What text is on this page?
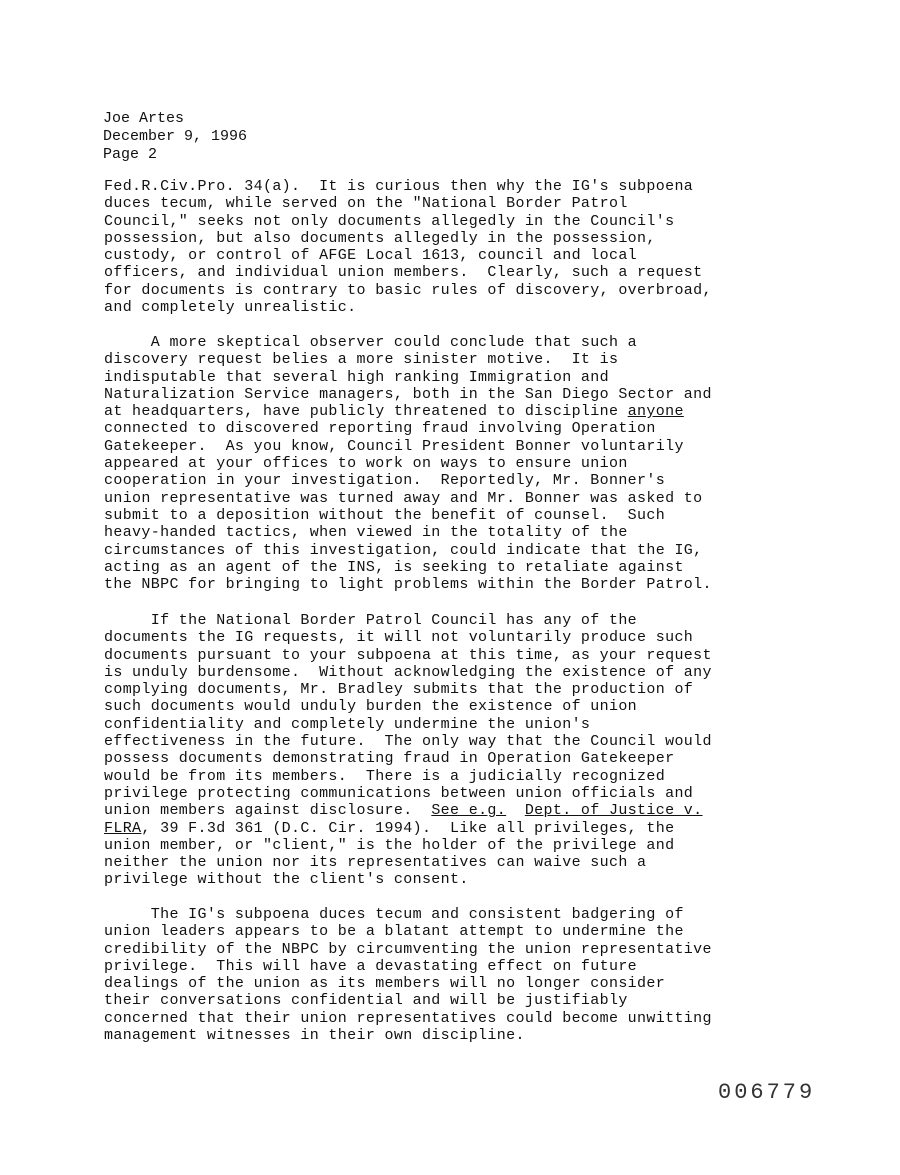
Joe Artes
December 9, 1996
Page 2
Fed.R.Civ.Pro. 34(a).  It is curious then why the IG's subpoena
duces tecum, while served on the "National Border Patrol
Council," seeks not only documents allegedly in the Council's
possession, but also documents allegedly in the possession,
custody, or control of AFGE Local 1613, council and local
officers, and individual union members.  Clearly, such a request
for documents is contrary to basic rules of discovery, overbroad,
and completely unrealistic.
A more skeptical observer could conclude that such a
discovery request belies a more sinister motive.  It is
indisputable that several high ranking Immigration and
Naturalization Service managers, both in the San Diego Sector and
at headquarters, have publicly threatened to discipline anyone
connected to discovered reporting fraud involving Operation
Gatekeeper.  As you know, Council President Bonner voluntarily
appeared at your offices to work on ways to ensure union
cooperation in your investigation.  Reportedly, Mr. Bonner's
union representative was turned away and Mr. Bonner was asked to
submit to a deposition without the benefit of counsel.  Such
heavy-handed tactics, when viewed in the totality of the
circumstances of this investigation, could indicate that the IG,
acting as an agent of the INS, is seeking to retaliate against
the NBPC for bringing to light problems within the Border Patrol.
If the National Border Patrol Council has any of the
documents the IG requests, it will not voluntarily produce such
documents pursuant to your subpoena at this time, as your request
is unduly burdensome.  Without acknowledging the existence of any
complying documents, Mr. Bradley submits that the production of
such documents would unduly burden the existence of union
confidentiality and completely undermine the union's
effectiveness in the future.  The only way that the Council would
possess documents demonstrating fraud in Operation Gatekeeper
would be from its members.  There is a judicially recognized
privilege protecting communications between union officials and
union members against disclosure.  See e.g. Dept. of Justice v.
FLRA, 39 F.3d 361 (D.C. Cir. 1994).  Like all privileges, the
union member, or "client," is the holder of the privilege and
neither the union nor its representatives can waive such a
privilege without the client's consent.
The IG's subpoena duces tecum and consistent badgering of
union leaders appears to be a blatant attempt to undermine the
credibility of the NBPC by circumventing the union representative
privilege.  This will have a devastating effect on future
dealings of the union as its members will no longer consider
their conversations confidential and will be justifiably
concerned that their union representatives could become unwitting
management witnesses in their own discipline.
006779
